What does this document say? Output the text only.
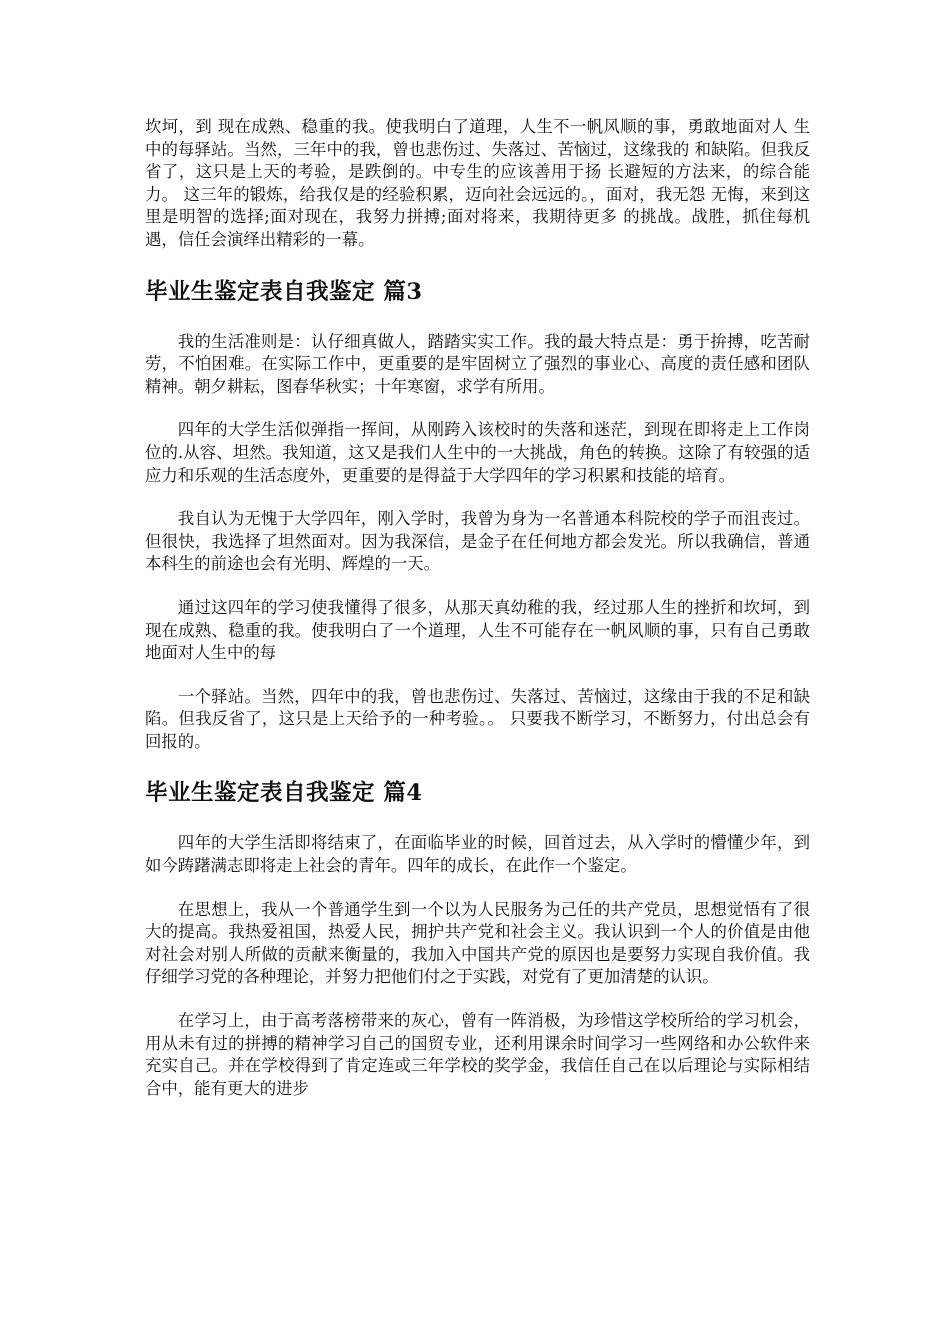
坎坷，到 现在成熟、稳重的我。使我明白了道理，人生不一帆风顺的事，勇敢地面对人 生中的每驿站。当然，三年中的我，曾也悲伤过、失落过、苦恼过，这缘我的 和缺陷。但我反省了，这只是上天的考验，是跌倒的。中专生的应该善用于扬 长避短的方法来，的综合能力。 这三年的锻炼，给我仅是的经验积累，迈向社会远远的。，面对，我无怨 无悔，来到这里是明智的选择;面对现在，我努力拼搏;面对将来，我期待更多 的挑战。战胜，抓住每机遇，信任会演绎出精彩的一幕。

毕业生鉴定表自我鉴定 篇3

我的生活准则是：认仔细真做人，踏踏实实工作。我的最大特点是：勇于拚搏，吃苦耐劳，不怕困难。在实际工作中，更重要的是牢固树立了强烈的事业心、高度的责任感和团队精神。朝夕耕耘，图春华秋实；十年寒窗，求学有所用。

四年的大学生活似弹指一挥间，从刚跨入该校时的失落和迷茫，到现在即将走上工作岗位的.从容、坦然。我知道，这又是我们人生中的一大挑战，角色的转换。这除了有较强的适应力和乐观的生活态度外，更重要的是得益于大学四年的学习积累和技能的培育。

我自认为无愧于大学四年，刚入学时，我曾为身为一名普通本科院校的学子而沮丧过。但很快，我选择了坦然面对。因为我深信，是金子在任何地方都会发光。所以我确信，普通本科生的前途也会有光明、辉煌的一天。

通过这四年的学习使我懂得了很多，从那天真幼稚的我，经过那人生的挫折和坎坷，到现在成熟、稳重的我。使我明白了一个道理，人生不可能存在一帆风顺的事，只有自己勇敢地面对人生中的每

一个驿站。当然，四年中的我，曾也悲伤过、失落过、苦恼过，这缘由于我的不足和缺陷。但我反省了，这只是上天给予的一种考验。。 只要我不断学习，不断努力，付出总会有回报的。

毕业生鉴定表自我鉴定 篇4

四年的大学生活即将结束了，在面临毕业的时候，回首过去，从入学时的懵懂少年，到如今踌躇满志即将走上社会的青年。四年的成长，在此作一个鉴定。

在思想上，我从一个普通学生到一个以为人民服务为己任的共产党员，思想觉悟有了很大的提高。我热爱祖国，热爱人民，拥护共产党和社会主义。我认识到一个人的价值是由他对社会对别人所做的贡献来衡量的，我加入中国共产党的原因也是要努力实现自我价值。我仔细学习党的各种理论，并努力把他们付之于实践，对党有了更加清楚的认识。

在学习上，由于高考落榜带来的灰心，曾有一阵消极，为珍惜这学校所给的学习机会，用从未有过的拼搏的精神学习自己的国贸专业，还利用课余时间学习一些网络和办公软件来充实自己。并在学校得到了肯定连或三年学校的奖学金，我信任自己在以后理论与实际相结合中，能有更大的进步
